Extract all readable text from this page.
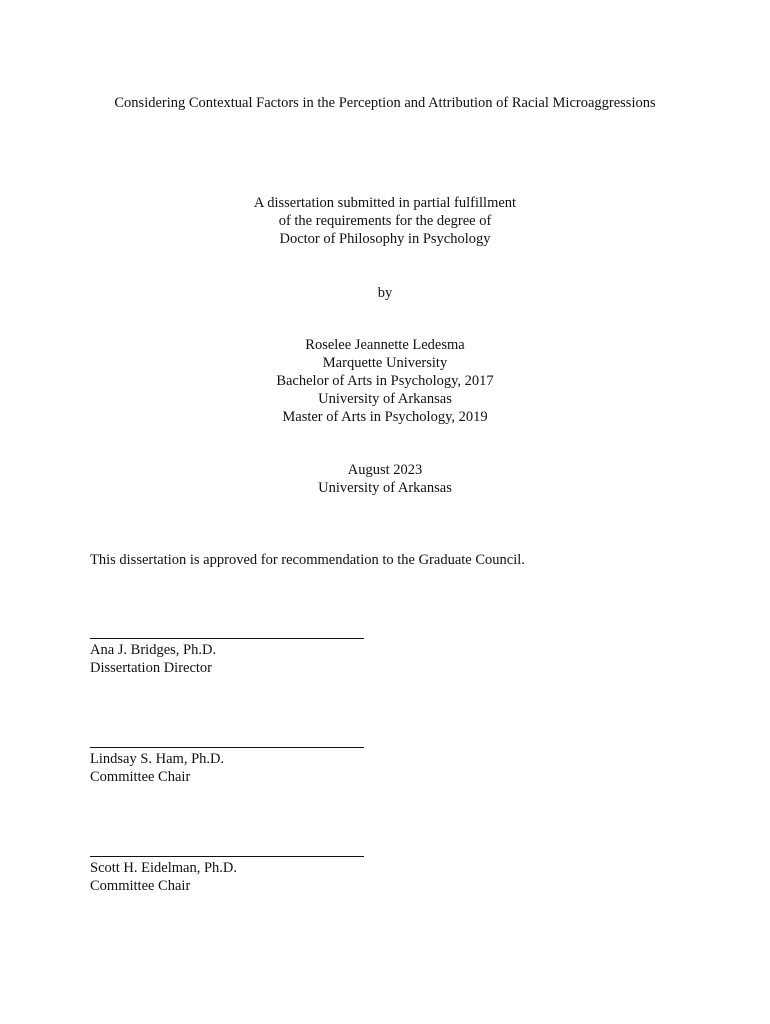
Considering Contextual Factors in the Perception and Attribution of Racial Microaggressions
A dissertation submitted in partial fulfillment
of the requirements for the degree of
Doctor of Philosophy in Psychology
by
Roselee Jeannette Ledesma
Marquette University
Bachelor of Arts in Psychology, 2017
University of Arkansas
Master of Arts in Psychology, 2019
August 2023
University of Arkansas
This dissertation is approved for recommendation to the Graduate Council.
Ana J. Bridges, Ph.D.
Dissertation Director
Lindsay S. Ham, Ph.D.
Committee Chair
Scott H. Eidelman, Ph.D.
Committee Chair
